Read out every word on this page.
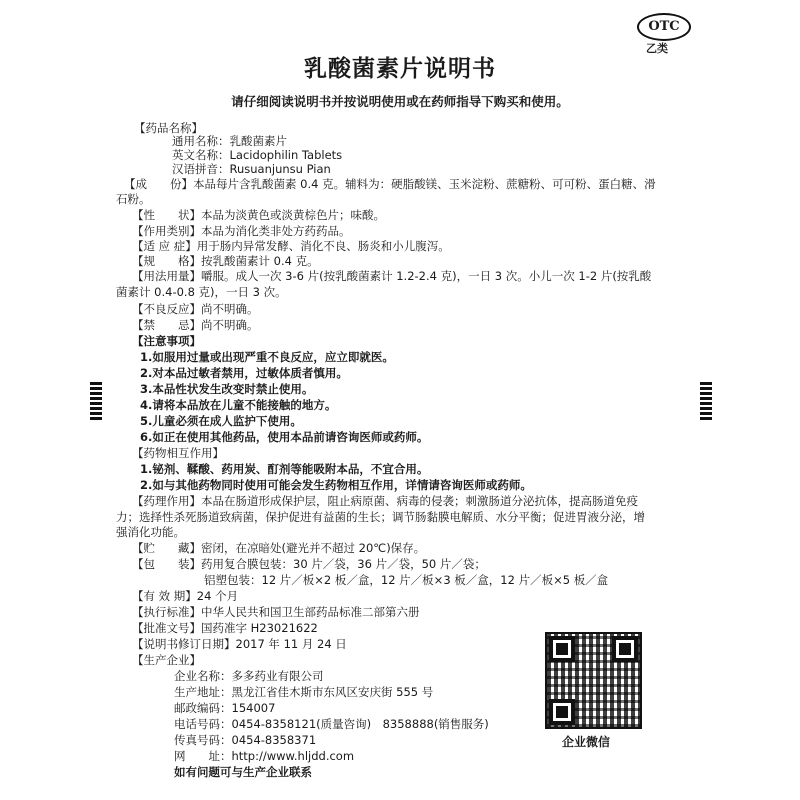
OTC
乙类
乳酸菌素片说明书
请仔细阅读说明书并按说明使用或在药师指导下购买和使用。
【药品名称】
通用名称：乳酸菌素片
英文名称：Lacidophilin Tablets
汉语拼音：Rusuanjunsu Pian
【成　　份】本品每片含乳酸菌素 0.4 克。辅料为：硬脂酸镁、玉米淀粉、蔗糖粉、可可粉、蛋白糖、滑
石粉。
【性　　状】本品为淡黄色或淡黄棕色片；味酸。
【作用类别】本品为消化类非处方药药品。
【适 应 症】用于肠内异常发酵、消化不良、肠炎和小儿腹泻。
【规　　格】按乳酸菌素计 0.4 克。
【用法用量】嚼服。成人一次 3-6 片(按乳酸菌素计 1.2-2.4 克)，一日 3 次。小儿一次 1-2 片(按乳酸
菌素计 0.4-0.8 克)，一日 3 次。
【不良反应】尚不明确。
【禁　　忌】尚不明确。
【注意事项】
1.如服用过量或出现严重不良反应，应立即就医。
2.对本品过敏者禁用，过敏体质者慎用。
3.本品性状发生改变时禁止使用。
4.请将本品放在儿童不能接触的地方。
5.儿童必须在成人监护下使用。
6.如正在使用其他药品，使用本品前请咨询医师或药师。
【药物相互作用】
1.铋剂、鞣酸、药用炭、酊剂等能吸附本品，不宜合用。
2.如与其他药物同时使用可能会发生药物相互作用，详情请咨询医师或药师。
【药理作用】本品在肠道形成保护层，阻止病原菌、病毒的侵袭；刺激肠道分泌抗体，提高肠道免疫
力；选择性杀死肠道致病菌，保护促进有益菌的生长；调节肠黏膜电解质、水分平衡；促进胃液分泌，增
强消化功能。
【贮　　藏】密闭，在凉暗处(避光并不超过 20℃)保存。
【包　　装】药用复合膜包装：30 片／袋，36 片／袋，50 片／袋；
铝塑包装：12 片／板×2 板／盒，12 片／板×3 板／盒，12 片／板×5 板／盒
【有 效 期】24 个月
【执行标准】中华人民共和国卫生部药品标准二部第六册
【批准文号】国药准字 H23021622
【说明书修订日期】2017 年 11 月 24 日
【生产企业】
企业名称：多多药业有限公司
生产地址：黑龙江省佳木斯市东风区安庆街 555 号
邮政编码：154007
电话号码：0454-8358121(质量咨询)　8358888(销售服务)
传真号码：0454-8358371
网　　址：http://www.hljdd.com
如有问题可与生产企业联系
企业微信
